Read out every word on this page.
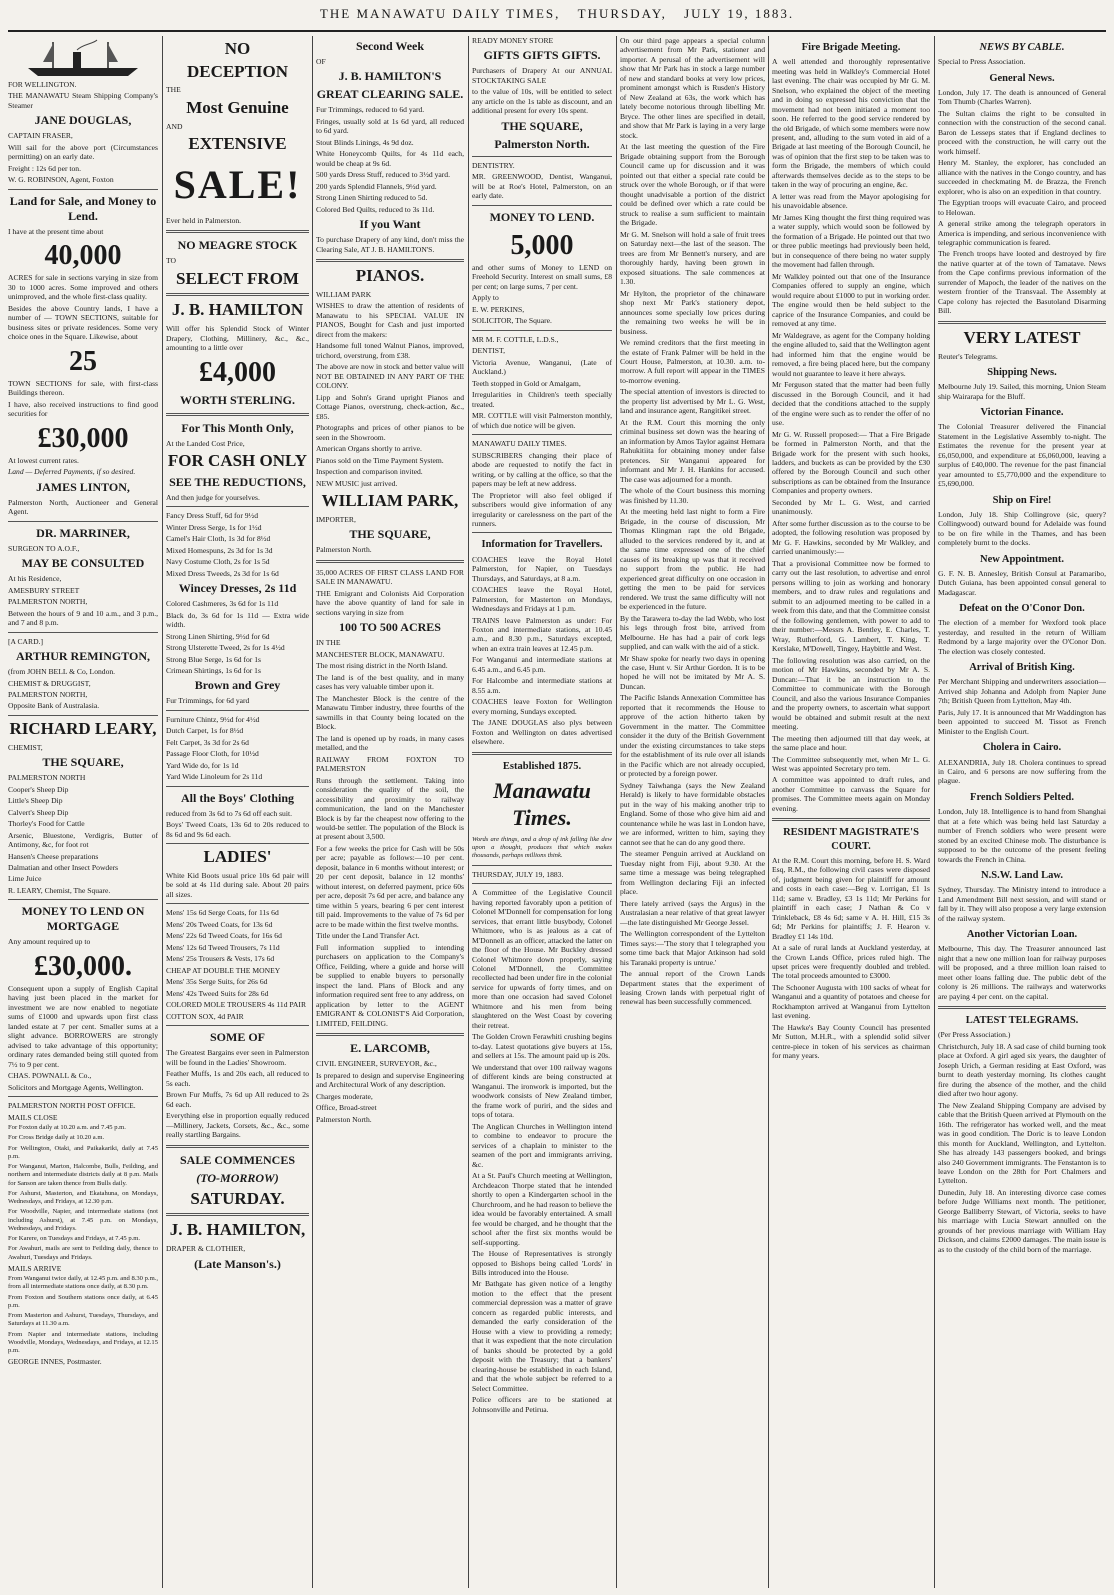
THE MANAWATU DAILY TIMES, THURSDAY, JULY 19, 1883.

FOR WELLINGTON.

THE MANAWATU Steam Shipping Company's Steamer

JANE DOUGLAS,

CAPTAIN FRASER,

Will sail for the above port (Circumstances permitting) on an early date.

Freight : 12s 6d per ton.

W. G. ROBINSON, Agent, Foxton

Land for Sale, and Money to Lend.

I have at the present time about

40,000

ACRES for sale in sections varying in size from 30 to 1000 acres. Some improved and others unimproved, and the whole first-class quality.

Besides the above Country lands, I have a number of — TOWN SECTIONS, suitable for business sites or private residences. Some very choice ones in the Square. Likewise, about

25

TOWN SECTIONS for sale, with first-class Buildings thereon.

I have, also received instructions to find good securities for

£30,000

At lowest current rates.

Land — Deferred Payments, if so desired.

JAMES LINTON,

Palmerston North, Auctioneer and General Agent.

DR. MARRINER,

SURGEON TO A.O.F.,

MAY BE CONSULTED

At his Residence,

AMESBURY STREET

PALMERSTON NORTH,

Between the hours of 9 and 10 a.m., and 3 p.m., and 7 and 8 p.m.

[A CARD.]

ARTHUR REMINGTON,

(from JOHN BELL & Co, London.

CHEMIST & DRUGGIST,

PALMERSTON NORTH,

Opposite Bank of Australasia.

RICHARD LEARY,

CHEMIST,

THE SQUARE,

PALMERSTON NORTH

Cooper's Sheep Dip

Little's Sheep Dip

Calvert's Sheep Dip

Thorley's Food for Cattle

Arsenic, Bluestone, Verdigris, Butter of Antimony, &c, for foot rot

Hansen's Cheese preparations

Dalmatian and other Insect Powders

Lime Juice

R. LEARY, Chemist, The Square.

MONEY TO LEND ON MORTGAGE

Any amount required up to

£30,000.

Consequent upon a supply of English Capital having just been placed in the market for investment we are now enabled to negotiate sums of £1000 and upwards upon first class landed estate at 7 per cent. Smaller sums at a slight advance. BORROWERS are strongly advised to take advantage of this opportunity; ordinary rates demanded being still quoted from 7½ to 9 per cent.

CHAS. POWNALL & Co.,

Solicitors and Mortgage Agents, Wellington.

PALMERSTON NORTH POST OFFICE.

MAILS CLOSE

For Foxton daily at 10.20 a.m. and 7.45 p.m.

For Cross Bridge daily at 10.20 a.m.

For Wellington, Otaki, and Paikakariki, daily at 7.45 p.m.

For Wanganui, Marton, Halcombe, Bulls, Feilding, and northern and intermediate districts daily at 8 p.m. Mails for Sanson are taken thence from Bulls daily.

For Ashurst, Masterton, and Ekatahuna, on Mondays, Wednesdays, and Fridays, at 12.30 p.m.

For Woodville, Napier, and intermediate stations (not including Ashurst), at 7.45 p.m. on Mondays, Wednesdays, and Fridays.

For Karere, on Tuesdays and Fridays, at 7.45 p.m.

For Awahuri, mails are sent to Feilding daily, thence to Awahuri, Tuesdays and Fridays.

MAILS ARRIVE

From Wanganui twice daily, at 12.45 p.m. and 8.30 p.m., from all intermediate stations once daily, at 8.30 p.m.

From Foxton and Southern stations once daily, at 6.45 p.m.

From Masterton and Ashurst, Tuesdays, Thursdays, and Saturdays at 11.30 a.m.

From Napier and intermediate stations, including Woodville, Mondays, Wednesdays, and Fridays, at 12.15 p.m.

GEORGE INNES, Postmaster.

NO
DECEPTION

THE

Most Genuine

AND

EXTENSIVE
SALE!

Ever held in Palmerston.

NO MEAGRE STOCK

TO

SELECT FROM
J. B. HAMILTON

Will offer his Splendid Stock of Winter Drapery, Clothing, Millinery, &c., &c., amounting to a little over

£4,000
WORTH STERLING.
For This Month Only,

At the Landed Cost Price,

FOR CASH ONLY
SEE THE REDUCTIONS,

And then judge for yourselves.

Fancy Dress Stuff, 6d for 9½d

Winter Dress Serge, 1s for 1½d

Camel's Hair Cloth, 1s 3d for 8½d

Mixed Homespuns, 2s 3d for 1s 3d

Navy Costume Cloth, 2s for 1s 5d

Mixed Dress Tweeds, 2s 3d for 1s 6d

Wincey Dresses, 2s 11d

Colored Cashmeres, 3s 6d for 1s 11d

Black do, 3s 6d for 1s 11d — Extra wide width.

Strong Linen Shirting, 9½d for 6d

Strong Ulsterette Tweed, 2s for 1s 4½d

Strong Blue Serge, 1s 6d for 1s

Crimean Shirtings, 1s 6d for 1s

Brown and Grey

Fur Trimmings, for 6d yard

Furniture Chintz, 9½d for 4½d

Dutch Carpet, 1s for 8½d

Felt Carpet, 3s 3d for 2s 6d

Passage Floor Cloth, for 10½d

Yard Wide do, for 1s 1d

Yard Wide Linoleum for 2s 11d

All the Boys' Clothing

reduced from 3s 6d to 7s 6d off each suit.

Boys' Tweed Coats, 13s 6d to 20s reduced to 8s 6d and 9s 6d each.

LADIES'

White Kid Boots usual price 10s 6d pair will be sold at 4s 11d during sale. About 20 pairs all sizes.

Mens' 15s 6d Serge Coats, for 11s 6d

Mens' 20s Tweed Coats, for 13s 6d

Mens' 22s 6d Tweed Coats, for 16s 6d

Mens' 12s 6d Tweed Trousers, 7s 11d

Mens' 25s Trousers & Vests, 17s 6d

CHEAP AT DOUBLE THE MONEY

Mens' 35s Serge Suits, for 26s 6d

Mens' 42s Tweed Suits for 28s 6d

COLORED MOLE TROUSERS 4s 11d PAIR

COTTON SOX, 4d PAIR

SOME OF

The Greatest Bargains ever seen in Palmerston will be found in the Ladies' Showroom.

Feather Muffs, 1s and 20s each, all reduced to 5s each.

Brown Fur Muffs, 7s 6d up All reduced to 2s 6d each.

Everything else in proportion equally reduced—Millinery, Jackets, Corsets, &c., &c., some really startling Bargains.

SALE COMMENCES
(TO-MORROW)
SATURDAY.
J. B. HAMILTON,

DRAPER & CLOTHIER,

(Late Manson's.)
Second Week

OF

J. B. HAMILTON'S
GREAT CLEARING SALE.

Fur Trimmings, reduced to 6d yard.

Fringes, usually sold at 1s 6d yard, all reduced to 6d yard.

Stout Blinds Linings, 4s 9d doz.

White Honeycomb Quilts, for 4s 11d each, would be cheap at 9s 6d.

500 yards Dress Stuff, reduced to 3½d yard.

200 yards Splendid Flannels, 9½d yard.

Strong Linen Shirting reduced to 5d.

Colored Bed Quilts, reduced to 3s 11d.

If you Want

To purchase Drapery of any kind, don't miss the Clearing Sale, AT J. B. HAMILTON'S.

PIANOS.

WILLIAM PARK

WISHES to draw the attention of residents of Manawatu to his SPECIAL VALUE IN PIANOS, Bought for Cash and just imported direct from the makers:

Handsome full toned Walnut Pianos, improved, trichord, overstrung, from £38.

The above are now in stock and better value will NOT BE OBTAINED IN ANY PART OF THE COLONY.

Lipp and Sohn's Grand upright Pianos and Cottage Pianos, overstrung, check-action, &c., £85.

Photographs and prices of other pianos to be seen in the Showroom.

American Organs shortly to arrive.

Pianos sold on the Time Payment System.

Inspection and comparison invited.

NEW MUSIC just arrived.

WILLIAM PARK,

IMPORTER,

THE SQUARE,

Palmerston North.

35,000 ACRES OF FIRST CLASS LAND FOR SALE IN MANAWATU.

THE Emigrant and Colonists Aid Corporation have the above quantity of land for sale in sections varying in size from

100 TO 500 ACRES

IN THE

MANCHESTER BLOCK, MANAWATU.

The most rising district in the North Island.

The land is of the best quality, and in many cases has very valuable timber upon it.

The Manchester Block is the centre of the Manawatu Timber industry, three fourths of the sawmills in that County being located on the Block.

The land is opened up by roads, in many cases metalled, and the

RAILWAY FROM FOXTON TO PALMERSTON

Runs through the settlement. Taking into consideration the quality of the soil, the accessibility and proximity to railway communication, the land on the Manchester Block is by far the cheapest now offering to the would-be settler. The population of the Block is at present about 3,500.

For a few weeks the price for Cash will be 50s per acre; payable as follows:—10 per cent. deposit, balance in 6 months without interest; or 20 per cent deposit, balance in 12 months' without interest, on deferred payment, price 60s per acre, deposit 7s 6d per acre, and balance any time within 5 years, bearing 6 per cent interest till paid. Improvements to the value of 7s 6d per acre to be made within the first twelve months.

Title under the Land Transfer Act.

Full information supplied to intending purchasers on application to the Company's Office, Feilding, where a guide and horse will be supplied to enable buyers to personally inspect the land. Plans of Block and any information required sent free to any address, on application by letter to the AGENT EMIGRANT & COLONIST'S Aid Corporation, LIMITED, FEILDING.

E. LARCOMB,

CIVIL ENGINEER, SURVEYOR, &c.,

Is prepared to design and supervise Engineering and Architectural Work of any description.

Charges moderate,

Office, Broad-street

Palmerston North.

READY MONEY STORE

GIFTS GIFTS GIFTS.

Purchasers of Drapery At our ANNUAL STOCKTAKING SALE

to the value of 10s, will be entitled to select any article on the 1s table as discount, and an additional present for every 10s spent.

THE SQUARE,
Palmerston North.

DENTISTRY.

MR. GREENWOOD, Dentist, Wanganui, will be at Roe's Hotel, Palmerston, on an early date.

MONEY TO LEND.
5,000

and other sums of Money to LEND on Freehold Security. Interest on small sums, £8 per cent; on large sums, 7 per cent.

Apply to

E. W. PERKINS,

SOLICITOR, The Square.

MR M. F. COTTLE, L.D.S.,

DENTIST,

Victoria Avenue, Wanganui, (Late of Auckland.)

Teeth stopped in Gold or Amalgam,

Irregularities in Children's teeth specially treated.

MR. COTTLE will visit Palmerston monthly, of which due notice will be given.

MANAWATU DAILY TIMES.

SUBSCRIBERS changing their place of abode are requested to notify the fact in writing, or by calling at the office, so that the papers may be left at new address.

The Proprietor will also feel obliged if subscribers would give information of any irregularity or carelessness on the part of the runners.

Information for Travellers.

COACHES leave the Royal Hotel Palmerston, for Napier, on Tuesdays Thursdays, and Saturdays, at 8 a.m.

COACHES leave the Royal Hotel, Palmerston, for Masterton on Mondays, Wednesdays and Fridays at 1 p.m.

TRAINS leave Palmerston as under: For Foxton and intermediate stations, at 10.45 a.m., and 8.30 p.m., Saturdays excepted, when an extra train leaves at 12.45 p.m.

For Wanganui and intermediate stations at 6.45 a.m., and 6.45 p.m.

For Halcombe and intermediate stations at 8.55 a.m.

COACHES leave Foxton for Wellington every morning, Sundays excepted.

The JANE DOUGLAS also plys between Foxton and Wellington on dates advertised elsewhere.

Established 1875.
Manawatu Times.

Words are things, and a drop of ink falling like dew upon a thought, produces that which makes thousands, perhaps millions think.

THURSDAY, JULY 19, 1883.

A Committee of the Legislative Council having reported favorably upon a petition of Colonel M'Donnell for compensation for long services, that errant little busybody, Colonel Whitmore, who is as jealous as a cat of M'Donnell as an officer, attacked the latter on the floor of the House. Mr Buckley dressed Colonel Whitmore down properly, saying Colonel M'Donnell, the Committee recollected had been under fire in the colonial service for upwards of forty times, and on more than one occasion had saved Colonel Whitmore and his men from being slaughtered on the West Coast by covering their retreat.

The Golden Crown Ferawhiti crushing begins to-day. Latest quotations give buyers at 15s, and sellers at 15s. The amount paid up is 20s.

We understand that over 100 railway wagons of different kinds are being constructed at Wanganui. The ironwork is imported, but the woodwork consists of New Zealand timber, the frame work of puriri, and the sides and tops of totara.

The Anglican Churches in Wellington intend to combine to endeavor to procure the services of a chaplain to minister to the seamen of the port and immigrants arriving, &c.

At a St. Paul's Church meeting at Wellington, Archdeacon Thorpe stated that he intended shortly to open a Kindergarten school in the Churchroom, and he had reason to believe the idea would be favorably entertained. A small fee would be charged, and he thought that the school after the first six months would be self-supporting.

The House of Representatives is strongly opposed to Bishops being called 'Lords' in Bills introduced into the House.

Mr Bathgate has given notice of a lengthy motion to the effect that the present commercial depression was a matter of grave concern as regarded public interests, and demanded the early consideration of the House with a view to providing a remedy; that it was expedient that the note circulation of banks should be protected by a gold deposit with the Treasury; that a bankers' clearing-house be established in each Island, and that the whole subject be referred to a Select Committee.

Police officers are to be stationed at Johnsonville and Petirua.

On our third page appears a special column advertisement from Mr Park, stationer and importer. A perusal of the advertisement will show that Mr Park has in stock a large number of new and standard books at very low prices, prominent amongst which is Rusden's History of New Zealand at 63s, the work which has lately become notorious through libelling Mr. Bryce. The other lines are specified in detail, and show that Mr Park is laying in a very large stock.

At the last meeting the question of the Fire Brigade obtaining support from the Borough Council came up for discussion and it was pointed out that either a special rate could be struck over the whole Borough, or if that were thought unadvisable a portion of the district could be defined over which a rate could be struck to realise a sum sufficient to maintain the Brigade.

Mr G. M. Snelson will hold a sale of fruit trees on Saturday next—the last of the season. The trees are from Mr Bennett's nursery, and are thoroughly hardy, having been grown in exposed situations. The sale commences at 1.30.

Mr Hylton, the proprietor of the chinaware shop next Mr Park's stationery depot, announces some specially low prices during the remaining two weeks he will be in business.

We remind creditors that the first meeting in the estate of Frank Palmer will be held in the Court House, Palmerston, at 10.30. a.m. to-morrow. A full report will appear in the TIMES to-morrow evening.

The special attention of investors is directed to the property list advertised by Mr L. G. West, land and insurance agent, Rangitikei street.

At the R.M. Court this morning the only criminal business set down was the hearing of an information by Amos Taylor against Hemara Rahukitiita for obtaining money under false pretences. Sir Wanganui appeared for informant and Mr J. H. Hankins for accused. The case was adjourned for a month.

The whole of the Court business this morning was finished by 11.30.

At the meeting held last night to form a Fire Brigade, in the course of discussion, Mr Thomas Klingman rapt the old Brigade, alluded to the services rendered by it, and at the same time expressed one of the chief causes of its breaking up was that it received no support from the public. He had experienced great difficulty on one occasion in getting the men to be paid for services rendered. We trust the same difficulty will not be experienced in the future.

By the Tarawera to-day the lad Webb, who lost his legs through frost bite, arrived from Melbourne. He has had a pair of cork legs supplied, and can walk with the aid of a stick.

Mr Shaw spoke for nearly two days in opening the case, Hunt v. Sir Arthur Gordon. It is to be hoped he will not be imitated by Mr A. S. Duncan.

The Pacific Islands Annexation Committee has reported that it recommends the House to approve of the action hitherto taken by Government in the matter. The Committee consider it the duty of the British Government under the existing circumstances to take steps for the establishment of its rule over all islands in the Pacific which are not already occupied, or protected by a foreign power.

Sydney Taiwhanga (says the New Zealand Herald) is likely to have formidable obstacles put in the way of his making another trip to England. Some of those who give him aid and countenance while he was last in London have, we are informed, written to him, saying they cannot see that he can do any good there.

The steamer Penguin arrived at Auckland on Tuesday night from Fiji, about 9.30. At the same time a message was being telegraphed from Wellington declaring Fiji an infected place.

There lately arrived (says the Argus) in the Australasian a near relative of that great lawyer—the late distinguished Mr George Jessel.

The Wellington correspondent of the Lyttelton Times says:—'The story that I telegraphed you some time back that Major Atkinson had sold his Taranaki property is untrue.'

The annual report of the Crown Lands Department states that the experiment of leasing Crown lands with perpetual right of renewal has been successfully commenced.

Fire Brigade Meeting.

A well attended and thoroughly representative meeting was held in Walkley's Commercial Hotel last evening. The chair was occupied by Mr G. M. Snelson, who explained the object of the meeting and in doing so expressed his conviction that the movement had not been initiated a moment too soon. He referred to the good service rendered by the old Brigade, of which some members were now present, and, alluding to the sum voted in aid of a Brigade at last meeting of the Borough Council, he was of opinion that the first step to be taken was to form the Brigade, the members of which could afterwards themselves decide as to the steps to be taken in the way of procuring an engine, &c.

A letter was read from the Mayor apologising for his unavoidable absence.

Mr James King thought the first thing required was a water supply, which would soon be followed by the formation of a Brigade. He pointed out that two or three public meetings had previously been held, but in consequence of there being no water supply the movement had fallen through.

Mr Walkley pointed out that one of the Insurance Companies offered to supply an engine, which would require about £1000 to put in working order. The engine would then be held subject to the caprice of the Insurance Companies, and could be removed at any time.

Mr Waldegrave, as agent for the Company holding the engine alluded to, said that the Wellington agent had informed him that the engine would be removed, a fire being placed here, but the company would not guarantee to leave it here always.

Mr Ferguson stated that the matter had been fully discussed in the Borough Council, and it had decided that the conditions attached to the supply of the engine were such as to render the offer of no use.

Mr G. W. Russell proposed:— That a Fire Brigade be formed in Palmerston North, and that the Brigade work for the present with such hooks, ladders, and buckets as can be provided by the £30 offered by the Borough Council and such other subscriptions as can be obtained from the Insurance Companies and property owners.

Seconded by Mr L. G. West, and carried unanimously.

After some further discussion as to the course to be adopted, the following resolution was proposed by Mr G. F. Hawkins, seconded by Mr Walkley, and carried unanimously:—

That a provisional Committee now be formed to carry out the last resolution, to advertise and enrol persons willing to join as working and honorary members, and to draw rules and regulations and submit to an adjourned meeting to be called in a week from this date, and that the Committee consist of the following gentlemen, with power to add to their number:—Messrs A. Bentley, E. Charles, T. Wray, Rutherford, G. Lambert, T. King, T. Kerslake, M'Dowell, Tingey, Haybittle and West.

The following resolution was also carried, on the motion of Mr Hawkins, seconded by Mr A. S. Duncan:—That it be an instruction to the Committee to communicate with the Borough Council, and also the various Insurance Companies and the property owners, to ascertain what support would be obtained and submit result at the next meeting.

The meeting then adjourned till that day week, at the same place and hour.

The Committee subsequently met, when Mr L. G. West was appointed Secretary pro tem.

A committee was appointed to draft rules, and another Committee to canvass the Square for promises. The Committee meets again on Monday evening.

RESIDENT MAGISTRATE'S COURT.

At the R.M. Court this morning, before H. S. Ward Esq, R.M., the following civil cases were disposed of, judgment being given for plaintiff for amount and costs in each case:—Beg v. Lorrigan, £1 1s 11d; same v. Bradley, £3 1s 11d; Mr Perkins for plaintiff in each case; J Nathan & Co v Trinkleback, £8 4s 6d; same v A. H. Hill, £15 3s 6d; Mr Perkins for plaintiffs; J. F. Hearon v. Bradley £1 14s 10d.

At a sale of rural lands at Auckland yesterday, at the Crown Lands Office, prices ruled high. The upset prices were frequently doubled and trebled. The total proceeds amounted to £3000.

The Schooner Augusta with 100 sacks of wheat for Wanganui and a quantity of potatoes and cheese for Rockhampton arrived at Wanganui from Lyttelton last evening.

The Hawke's Bay County Council has presented Mr Sutton, M.H.R., with a splendid solid silver centre-piece in token of his services as chairman for many years.

NEWS BY CABLE.

Special to Press Association.

General News.

London, July 17. The death is announced of General Tom Thumb (Charles Warren).

The Sultan claims the right to be consulted in connection with the construction of the second canal. Baron de Lesseps states that if England declines to proceed with the construction, he will carry out the work himself.

Henry M. Stanley, the explorer, has concluded an alliance with the natives in the Congo country, and has succeeded in checkmating M. de Brazza, the French explorer, who is also on an expedition in that country.

The Egyptian troops will evacuate Cairo, and proceed to Helowan.

A general strike among the telegraph operators in America is impending, and serious inconvenience with telegraphic communication is feared.

The French troops have looted and destroyed by fire the native quarter at of the town of Tamatave. News from the Cape confirms previous information of the surrender of Mapoch, the leader of the natives on the western frontier of the Transvaal. The Assembly at Cape colony has rejected the Basutoland Disarming Bill.

VERY LATEST

Reuter's Telegrams.

Shipping News.

Melbourne July 19. Sailed, this morning, Union Steam ship Wairarapa for the Bluff.

Victorian Finance.

The Colonial Treasurer delivered the Financial Statement in the Legislative Assembly to-night. The Estimates the revenue for the present year at £6,050,000, and expenditure at £6,060,000, leaving a surplus of £40,000. The revenue for the past financial year amounted to £5,770,000 and the expenditure to £5,690,000.

Ship on Fire!

London, July 18. Ship Collingrove (sic, query? Collingwood) outward bound for Adelaide was found to be on fire while in the Thames, and has been completely burnt to the docks.

New Appointment.

G. F. N. B. Annesley, British Consul at Paramaribo, Dutch Guiana, has been appointed consul general to Madagascar.

Defeat on the O'Conor Don.

The election of a member for Wexford took place yesterday, and resulted in the return of William Redmond by a large majority over the O'Conor Don. The election was closely contested.

Arrival of British King.

Per Merchant Shipping and underwriters association—Arrived ship Johanna and Adolph from Napier June 7th; British Queen from Lyttelton, May 4th.

Paris, July 17. It is announced that Mr Waddington has been appointed to succeed M. Tissot as French Minister to the English Court.

Cholera in Cairo.

ALEXANDRIA, July 18. Cholera continues to spread in Cairo, and 6 persons are now suffering from the plague.

French Soldiers Pelted.

London, July 18. Intelligence is to hand from Shanghai that at a fete which was being held last Saturday a number of French soldiers who were present were stoned by an excited Chinese mob. The disturbance is supposed to be the outcome of the present feeling towards the French in China.

N.S.W. Land Law.

Sydney, Thursday. The Ministry intend to introduce a Land Amendment Bill next session, and will stand or fall by it. They will also propose a very large extension of the railway system.

Another Victorian Loan.

Melbourne, This day. The Treasurer announced last night that a new one million loan for railway purposes will be proposed, and a three million loan raised to meet other loans falling due. The public debt of the colony is 26 millions. The railways and waterworks are paying 4 per cent. on the capital.

LATEST TELEGRAMS.

(Per Press Association.)

Christchurch, July 18. A sad case of child burning took place at Oxford. A girl aged six years, the daughter of Joseph Urich, a German residing at East Oxford, was burnt to death yesterday morning. Its clothes caught fire during the absence of the mother, and the child died after two hour agony.

The New Zealand Shipping Company are advised by cable that the British Queen arrived at Plymouth on the 16th. The refrigerator has worked well, and the meat was in good condition. The Doric is to leave London this month for Auckland, Wellington, and Lyttelton. She has already 143 passengers booked, and brings also 240 Government immigrants. The Fenstanton is to leave London on the 28th for Port Chalmers and Lyttelton.

Dunedin, July 18. An interesting divorce case comes before Judge Williams next month. The petitioner, George Balliberry Stewart, of Victoria, seeks to have his marriage with Lucia Stewart annulled on the grounds of her previous marriage with William Hay Dickson, and claims £2000 damages. The main issue is as to the custody of the child born of the marriage.
